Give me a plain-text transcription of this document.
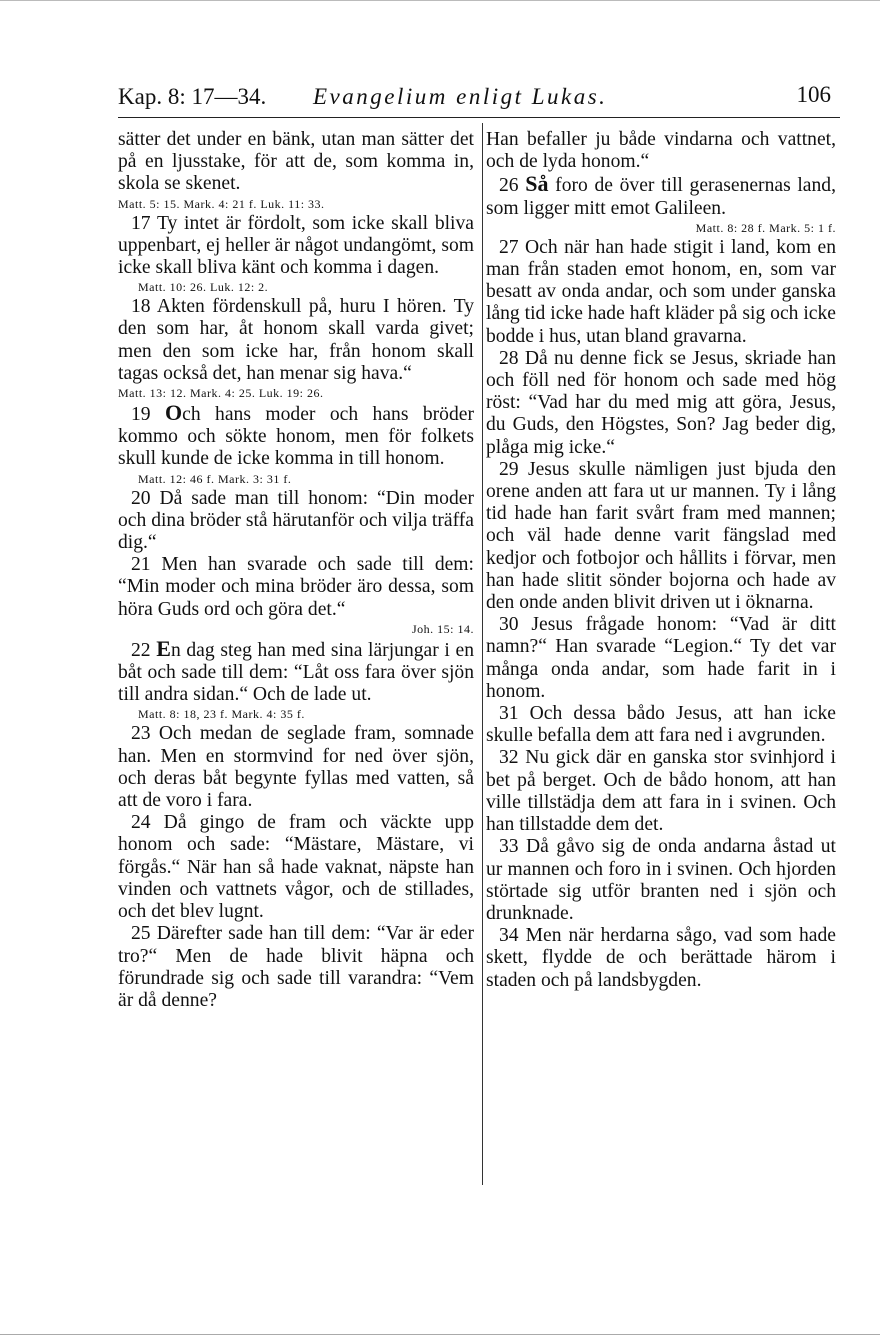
Kap. 8: 17—34. Evangelium enligt Lukas.	106

sätter det under en bänk, utan man sätter det på en ljusstake, för att de, som komma in, skola se skenet.

Matt. 5: 15. Mark. 4: 21 f. Luk. 11: 33.

17 Ty intet är fördolt, som icke skall bliva uppenbart, ej heller är något undangömt, som icke skall bliva känt och komma i dagen.

Matt. 10: 26. Luk. 12: 2.

18 Akten fördenskull på, huru I hören. Ty den som har, åt honom skall varda givet; men den som icke har, från honom skall tagas också det, han menar sig hava.“

Matt. 13: 12. Mark. 4: 25. Luk. 19: 26.

19 Och hans moder och hans bröder kommo och sökte honom, men för folkets skull kunde de icke komma in till honom.

Matt. 12: 46 f. Mark. 3: 31 f.

20 Då sade man till honom: “Din moder och dina bröder stå härutanför och vilja träffa dig.“

21 Men han svarade och sade till dem: “Min moder och mina bröder äro dessa, som höra Guds ord och göra det.“

Joh. 15: 14.

22 En dag steg han med sina lärjungar i en båt och sade till dem: “Låt oss fara över sjön till andra sidan.“ Och de lade ut.

Matt. 8: 18, 23 f. Mark. 4: 35 f.

23 Och medan de seglade fram, somnade han. Men en stormvind for ned över sjön, och deras båt begynte fyllas med vatten, så att de voro i fara.

24 Då gingo de fram och väckte upp honom och sade: “Mästare, Mästare, vi förgås.“ När han så hade vaknat, näpste han vinden och vattnets vågor, och de stillades, och det blev lugnt.

25 Därefter sade han till dem: “Var är eder tro?“ Men de hade blivit häpna och förundrade sig och sade till varandra: “Vem är då denne?

Han befaller ju både vindarna och vattnet, och de lyda honom.“

26 Så foro de över till gerasenernas land, som ligger mitt emot Galileen.

Matt. 8: 28 f. Mark. 5: 1 f.

27 Och när han hade stigit i land, kom en man från staden emot honom, en, som var besatt av onda andar, och som under ganska lång tid icke hade haft kläder på sig och icke bodde i hus, utan bland gravarna.

28 Då nu denne fick se Jesus, skriade han och föll ned för honom och sade med hög röst: “Vad har du med mig att göra, Jesus, du Guds, den Högstes, Son? Jag beder dig, plåga mig icke.“

29 Jesus skulle nämligen just bjuda den orene anden att fara ut ur mannen. Ty i lång tid hade han farit svårt fram med mannen; och väl hade denne varit fängslad med kedjor och fotbojor och hållits i förvar, men han hade slitit sönder bojorna och hade av den onde anden blivit driven ut i öknarna.

30 Jesus frågade honom: “Vad är ditt namn?“ Han svarade “Legion.“ Ty det var många onda andar, som hade farit in i honom.

31 Och dessa bådo Jesus, att han icke skulle befalla dem att fara ned i avgrunden.

32 Nu gick där en ganska stor svinhjord i bet på berget. Och de bådo honom, att han ville tillstädja dem att fara in i svinen. Och han tillstadde dem det.

33 Då gåvo sig de onda andarna åstad ut ur mannen och foro in i svinen. Och hjorden störtade sig utför branten ned i sjön och drunknade.

34 Men när herdarna sågo, vad som hade skett, flydde de och berättade härom i staden och på landsbygden.
